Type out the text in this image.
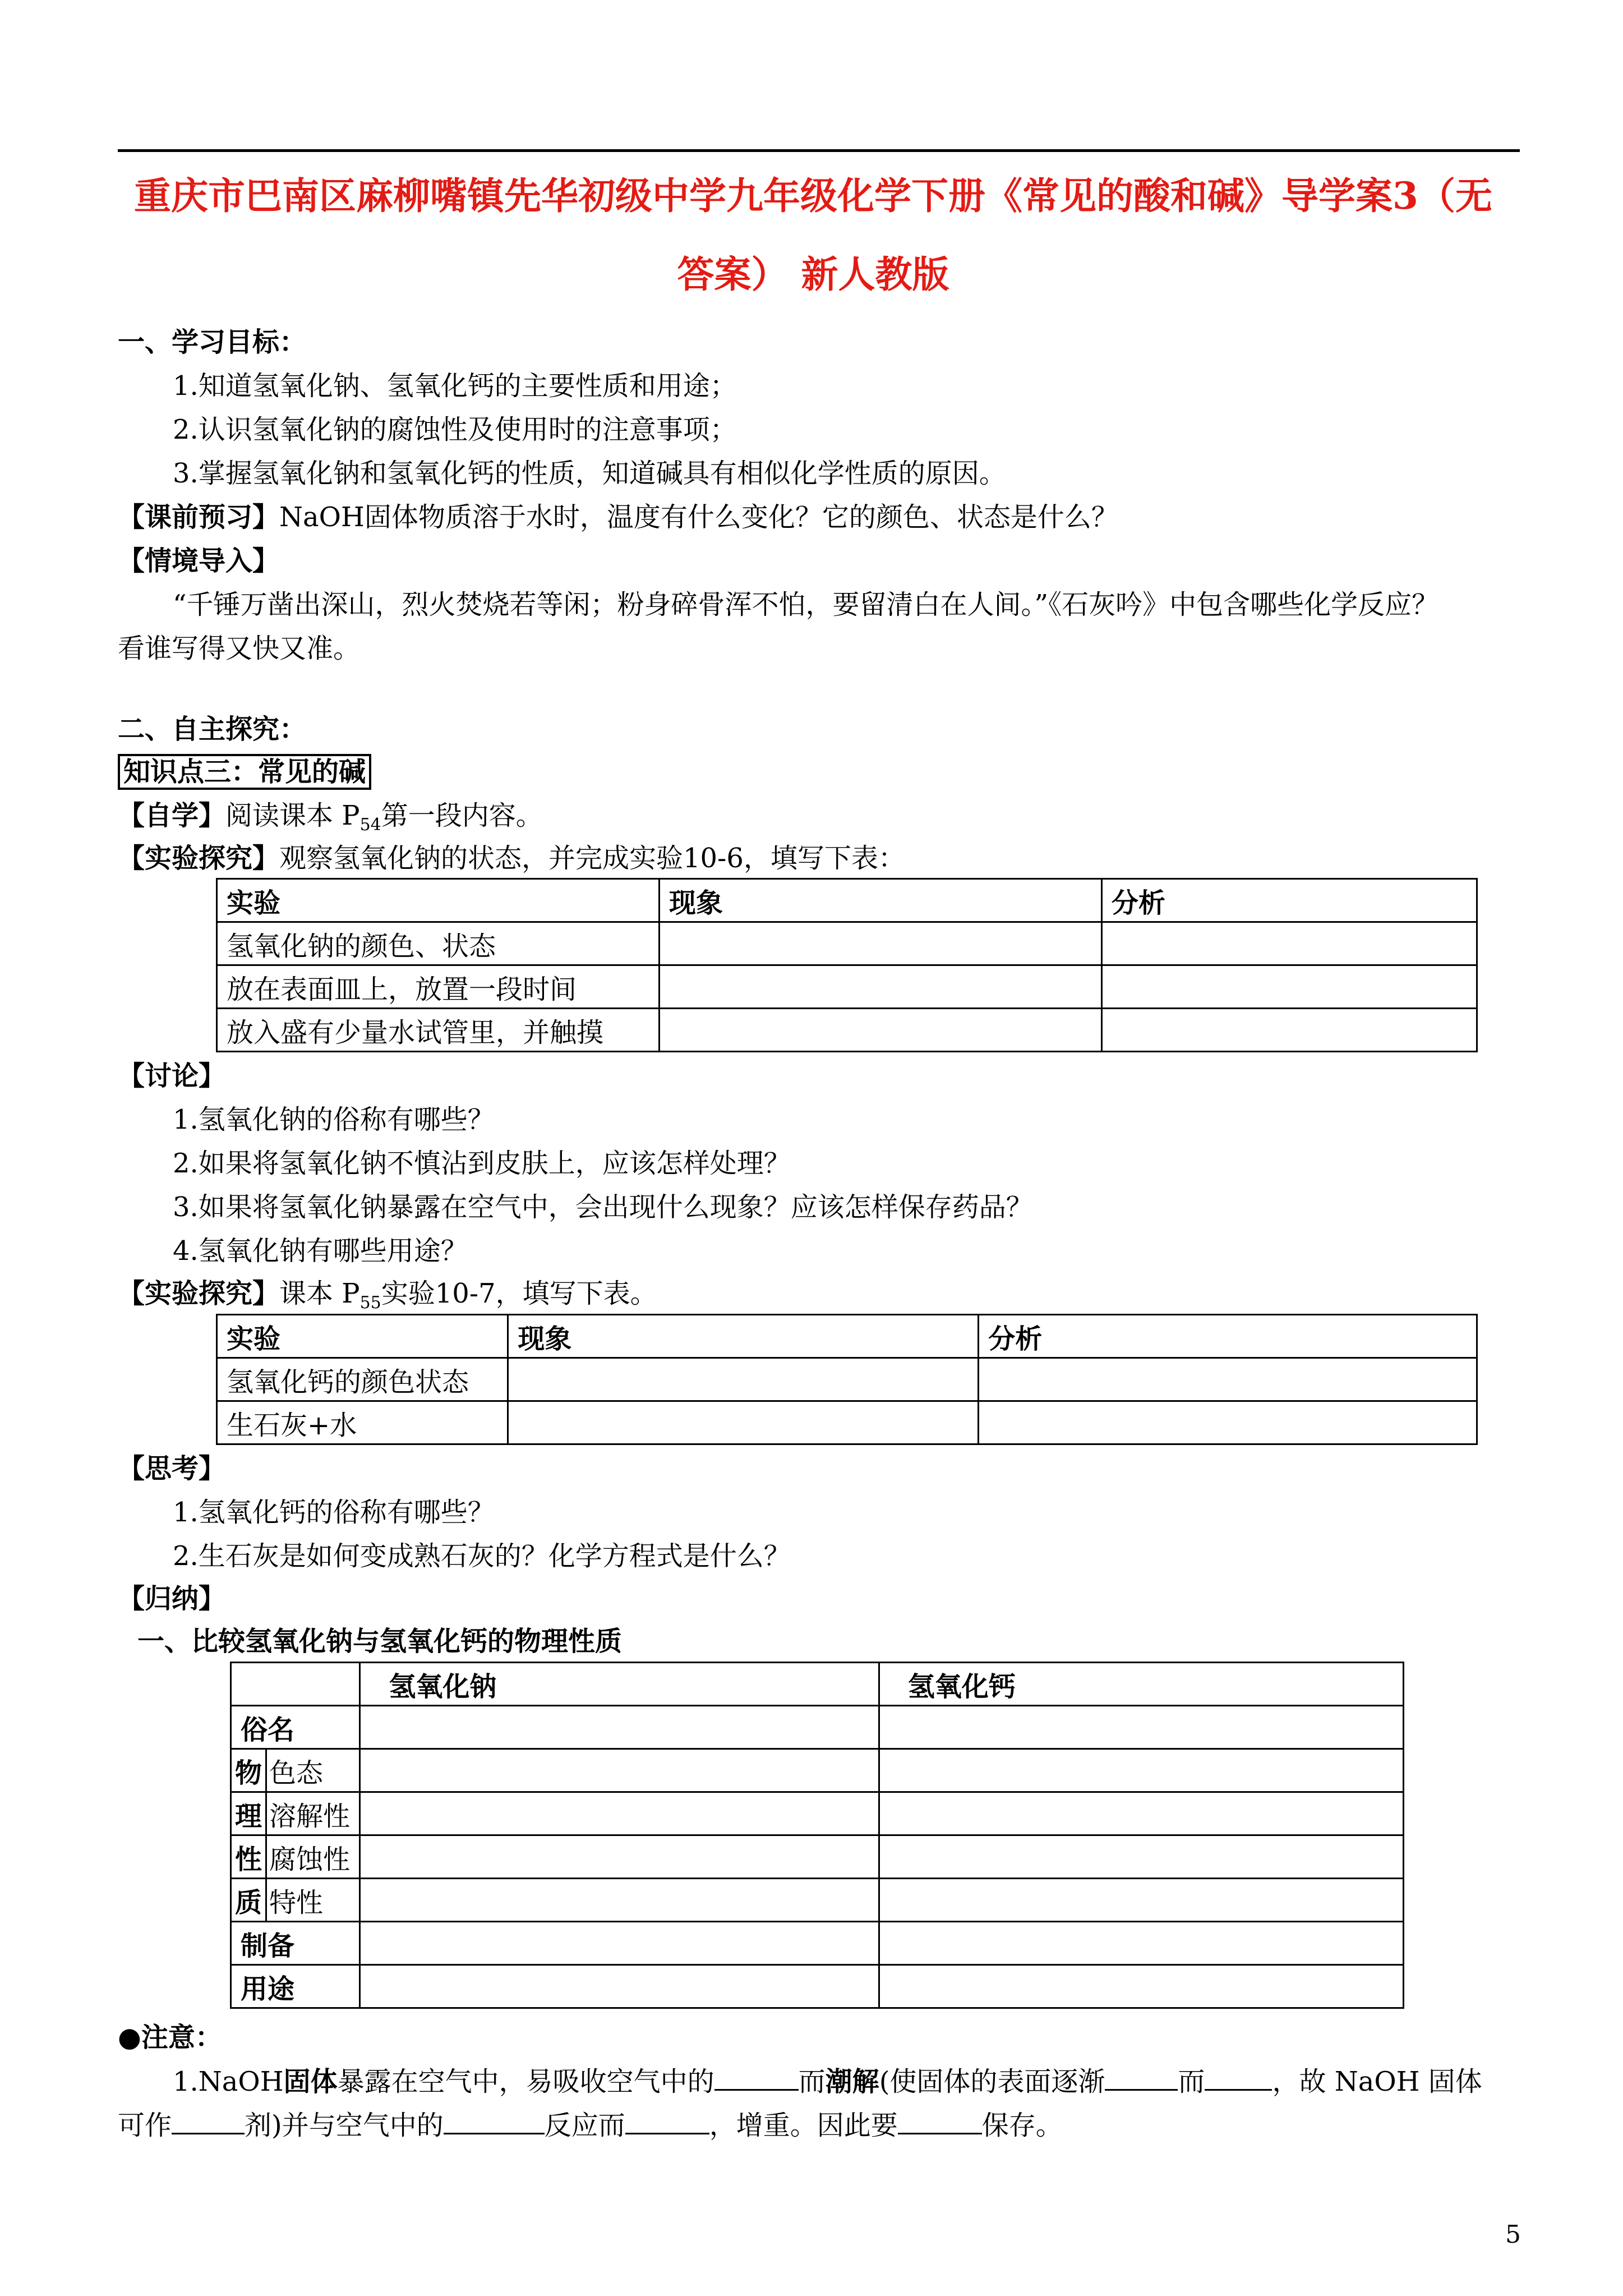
重庆市巴南区麻柳嘴镇先华初级中学九年级化学下册《常见的酸和碱》导学案3（无
答案） 新人教版
一、学习目标：
1.知道氢氧化钠、氢氧化钙的主要性质和用途；
2.认识氢氧化钠的腐蚀性及使用时的注意事项；
3.掌握氢氧化钠和氢氧化钙的性质，知道碱具有相似化学性质的原因。
【课前预习】NaOH固体物质溶于水时，温度有什么变化？它的颜色、状态是什么？
【情境导入】
“千锤万凿出深山，烈火焚烧若等闲；粉身碎骨浑不怕，要留清白在人间。”《石灰吟》中包含哪些化学反应？
看谁写得又快又准。
二、自主探究：
知识点三：常见的碱
【自学】阅读课本 $P_{54}$第一段内容。
【实验探究】观察氢氧化钠的状态，并完成实验10-6，填写下表：
实验	现象	分析
氢氧化钠的颜色、状态		
放在表面皿上，放置一段时间		
放入盛有少量水试管里，并触摸		
【讨论】
1.氢氧化钠的俗称有哪些？
2.如果将氢氧化钠不慎沾到皮肤上，应该怎样处理？
3.如果将氢氧化钠暴露在空气中，会出现什么现象？应该怎样保存药品？
4.氢氧化钠有哪些用途？
【实验探究】课本 $P_{55}$实验10-7，填写下表。
实验	现象	分析
氢氧化钙的颜色状态		
生石灰+水		
【思考】
1.氢氧化钙的俗称有哪些？
2.生石灰是如何变成熟石灰的？化学方程式是什么？
【归纳】
一、比较氢氧化钠与氢氧化钙的物理性质
		氢氧化钠	氢氧化钙
俗名			
物	色态		
理	溶解性		
性	腐蚀性		
质	特性		
制备			
用途			
●注意：
1.NaOH固体暴露在空气中，易吸收空气中的	而潮解(使固体的表面逐渐	而	，故 NaOH 固体
可作	剂)并与空气中的	反应而	，增重。因此要	保存。
5
